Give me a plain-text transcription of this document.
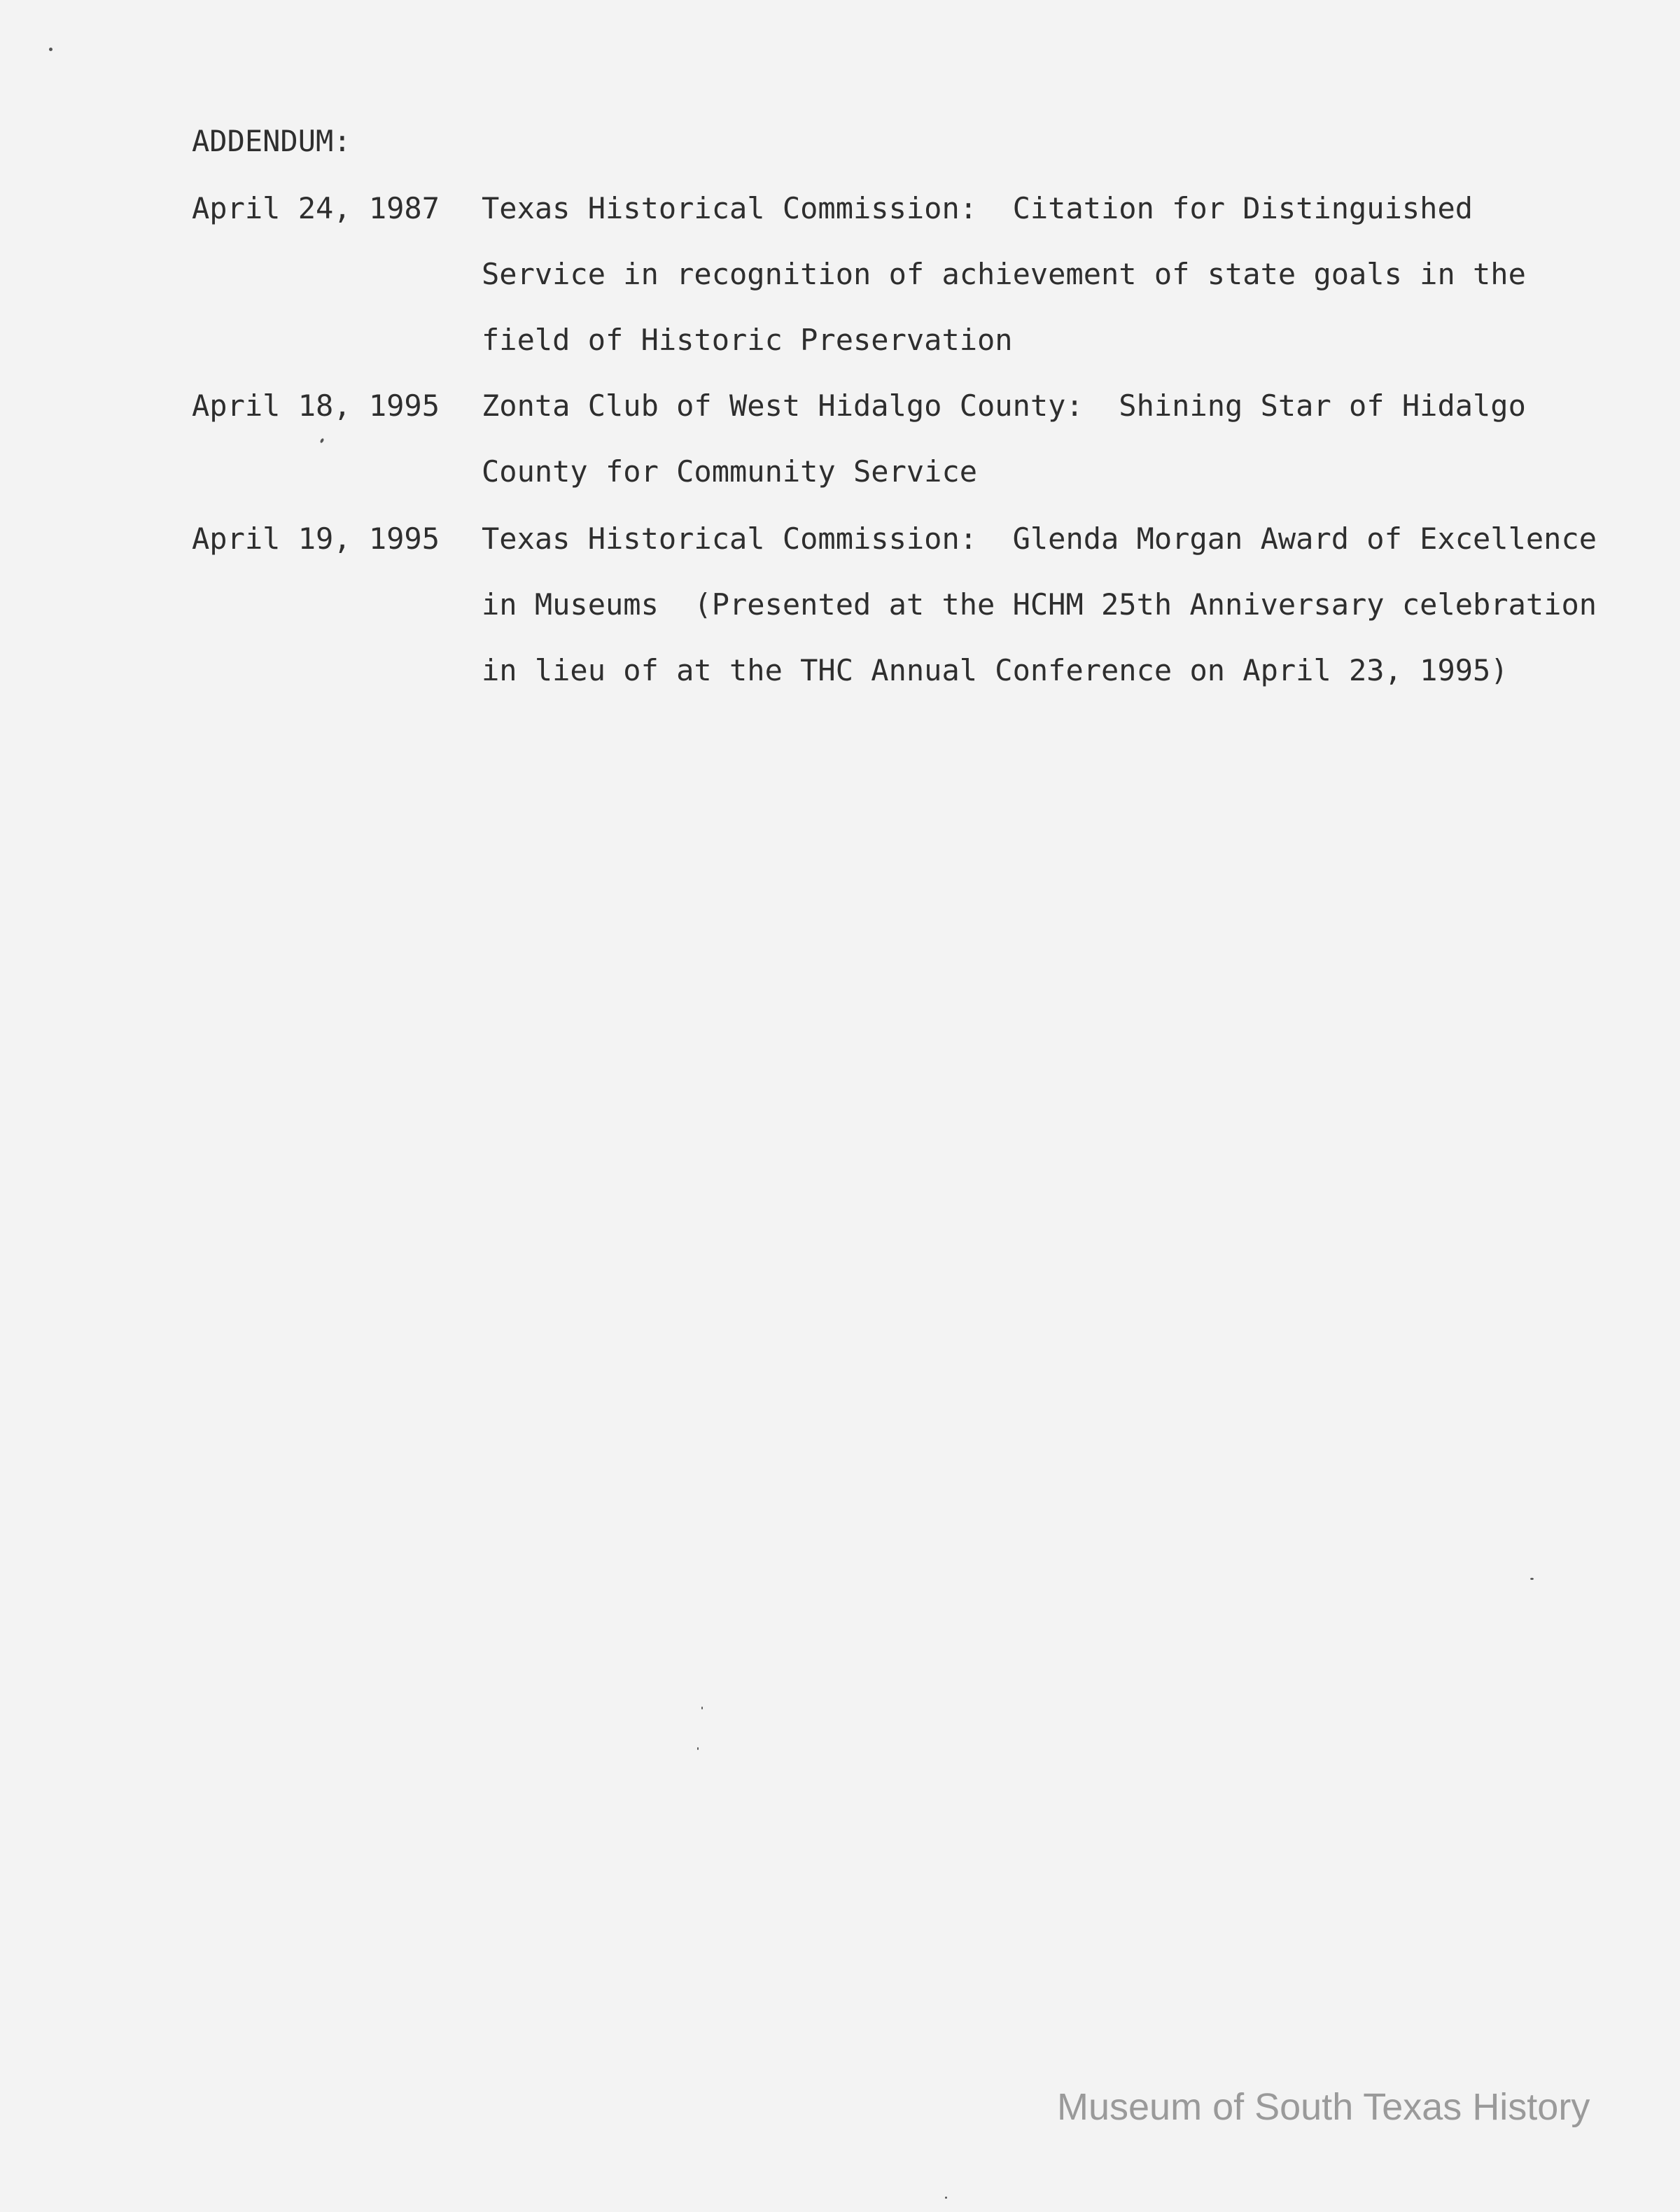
ADDENDUM:
April 24, 1987 Texas Historical Commission:  Citation for Distinguished
Service in recognition of achievement of state goals in the
field of Historic Preservation
April 18, 1995 Zonta Club of West Hidalgo County:  Shining Star of Hidalgo
County for Community Service
April 19, 1995 Texas Historical Commission:  Glenda Morgan Award of Excellence
in Museums  (Presented at the HCHM 25th Anniversary celebration
in lieu of at the THC Annual Conference on April 23, 1995)
Museum of South Texas History
